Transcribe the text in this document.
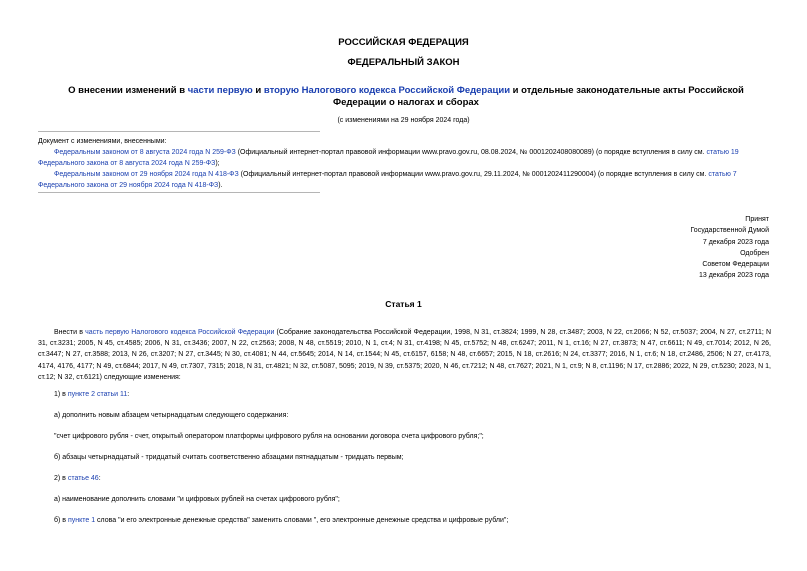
РОССИЙСКАЯ ФЕДЕРАЦИЯ
ФЕДЕРАЛЬНЫЙ ЗАКОН
О внесении изменений в части первую и вторую Налогового кодекса Российской Федерации и отдельные законодательные акты Российской Федерации о налогах и сборах
(с изменениями на 29 ноября 2024 года)

Документ с изменениями, внесенными:

Федеральным законом от 8 августа 2024 года N 259-ФЗ (Официальный интернет-портал правовой информации www.pravo.gov.ru, 08.08.2024, № 0001202408080089) (о порядке вступления в силу см. статью 19 Федерального закона от 8 августа 2024 года N 259-ФЗ);

Федеральным законом от 29 ноября 2024 года N 418-ФЗ (Официальный интернет-портал правовой информации www.pravo.gov.ru, 29.11.2024, № 0001202411290004) (о порядке вступления в силу см. статью 7 Федерального закона от 29 ноября 2024 года N 418-ФЗ).

Принят
Государственной Думой
7 декабря 2023 года
Одобрен
Советом Федерации
13 декабря 2023 года
Статья 1

Внести в часть первую Налогового кодекса Российской Федерации (Собрание законодательства Российской Федерации, 1998, N 31, ст.3824; 1999, N 28, ст.3487; 2003, N 22, ст.2066; N 52, ст.5037; 2004, N 27, ст.2711; N 31, ст.3231; 2005, N 45, ст.4585; 2006, N 31, ст.3436; 2007, N 22, ст.2563; 2008, N 48, ст.5519; 2010, N 1, ст.4; N 31, ст.4198; N 45, ст.5752; N 48, ст.6247; 2011, N 1, ст.16; N 27, ст.3873; N 47, ст.6611; N 49, ст.7014; 2012, N 26, ст.3447; N 27, ст.3588; 2013, N 26, ст.3207; N 27, ст.3445; N 30, ст.4081; N 44, ст.5645; 2014, N 14, ст.1544; N 45, ст.6157, 6158; N 48, ст.6657; 2015, N 18, ст.2616; N 24, ст.3377; 2016, N 1, ст.6; N 18, ст.2486, 2506; N 27, ст.4173, 4174, 4176, 4177; N 49, ст.6844; 2017, N 49, ст.7307, 7315; 2018, N 31, ст.4821; N 32, ст.5087, 5095; 2019, N 39, ст.5375; 2020, N 46, ст.7212; N 48, ст.7627; 2021, N 1, ст.9; N 8, ст.1196; N 17, ст.2886; 2022, N 29, ст.5230; 2023, N 1, ст.12; N 32, ст.6121) следующие изменения:

1) в пункте 2 статьи 11:
а) дополнить новым абзацем четырнадцатым следующего содержания:
"счет цифрового рубля - счет, открытый оператором платформы цифрового рубля на основании договора счета цифрового рубля;";
б) абзацы четырнадцатый - тридцатый считать соответственно абзацами пятнадцатым - тридцать первым;
2) в статье 46:
а) наименование дополнить словами "и цифровых рублей на счетах цифрового рубля";
б) в пункте 1 слова "и его электронные денежные средства" заменить словами ", его электронные денежные средства и цифровые рубли";
